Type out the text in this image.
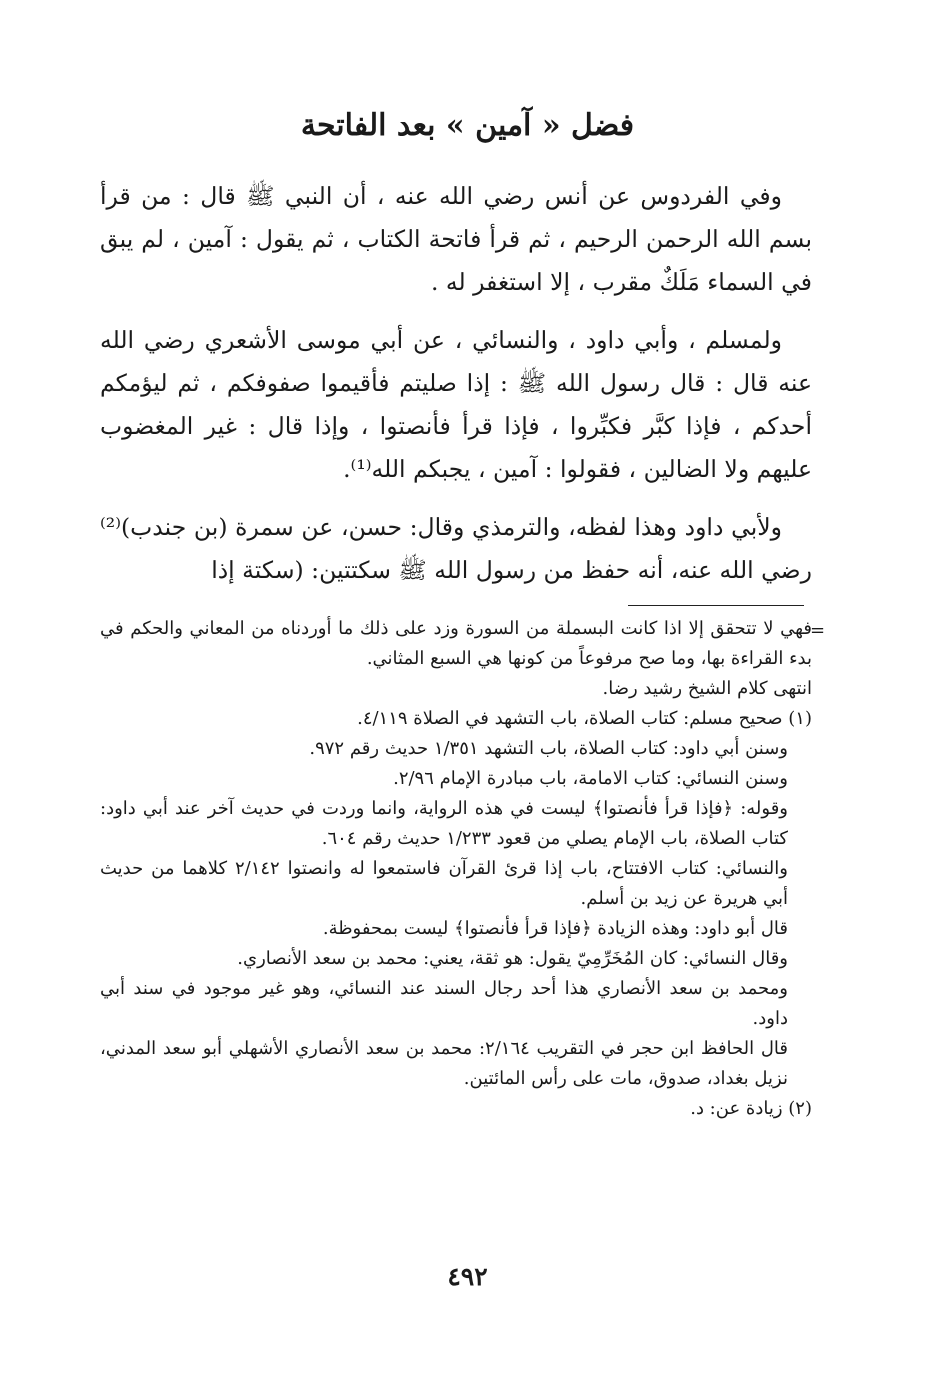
فضل « آمين » بعد الفاتحة

وفي الفردوس عن أنس رضي الله عنه ، أن النبي ﷺ قال : من قرأ بسم الله الرحمن الرحيم ، ثم قرأ فاتحة الكتاب ، ثم يقول : آمين ، لم يبق في السماء مَلَكٌ مقرب ، إلا استغفر له .

ولمسلم ، وأبي داود ، والنسائي ، عن أبي موسى الأشعري رضي الله عنه قال : قال رسول الله ﷺ : إذا صليتم فأقيموا صفوفكم ، ثم ليؤمكم أحدكم ، فإذا كبَّر فكبِّروا ، فإذا قرأ فأنصتوا ، وإذا قال : غير المغضوب عليهم ولا الضالين ، فقولوا : آمين ، يجبكم الله⁽¹⁾.

ولأبي داود وهذا لفظه، والترمذي وقال: حسن، عن سمرة (بن جندب)⁽²⁾ رضي الله عنه، أنه حفظ من رسول الله ﷺ سكتتين: (سكتة إذا

=

فهي لا تتحقق إلا اذا كانت البسملة من السورة وزد على ذلك ما أوردناه من المعاني والحكم في بدء القراءة بها، وما صح مرفوعاً من كونها هي السبع المثاني.

انتهى كلام الشيخ رشيد رضا.

(١) صحيح مسلم: كتاب الصلاة، باب التشهد في الصلاة ٤/١١٩.

وسنن أبي داود: كتاب الصلاة، باب التشهد ١/٣٥١ حديث رقم ٩٧٢.

وسنن النسائي: كتاب الامامة، باب مبادرة الإمام ٢/٩٦.

وقوله: ﴿فإذا قرأ فأنصتوا﴾ ليست في هذه الرواية، وانما وردت في حديث آخر عند أبي داود: كتاب الصلاة، باب الإمام يصلي من قعود ١/٢٣٣ حديث رقم ٦٠٤.

والنسائي: كتاب الافتتاح، باب إذا قرئ القرآن فاستمعوا له وانصتوا ٢/١٤٢ كلاهما من حديث أبي هريرة عن زيد بن أسلم.

قال أبو داود: وهذه الزيادة ﴿فإذا قرأ فأنصتوا﴾ ليست بمحفوظة.

وقال النسائي: كان المُخَرِّمِيّ يقول: هو ثقة، يعني: محمد بن سعد الأنصاري.

ومحمد بن سعد الأنصاري هذا أحد رجال السند عند النسائي، وهو غير موجود في سند أبي داود.

قال الحافظ ابن حجر في التقريب ٢/١٦٤: محمد بن سعد الأنصاري الأشهلي أبو سعد المدني، نزيل بغداد، صدوق، مات على رأس المائتين.

(٢) زيادة عن: د.

٤٩٢
